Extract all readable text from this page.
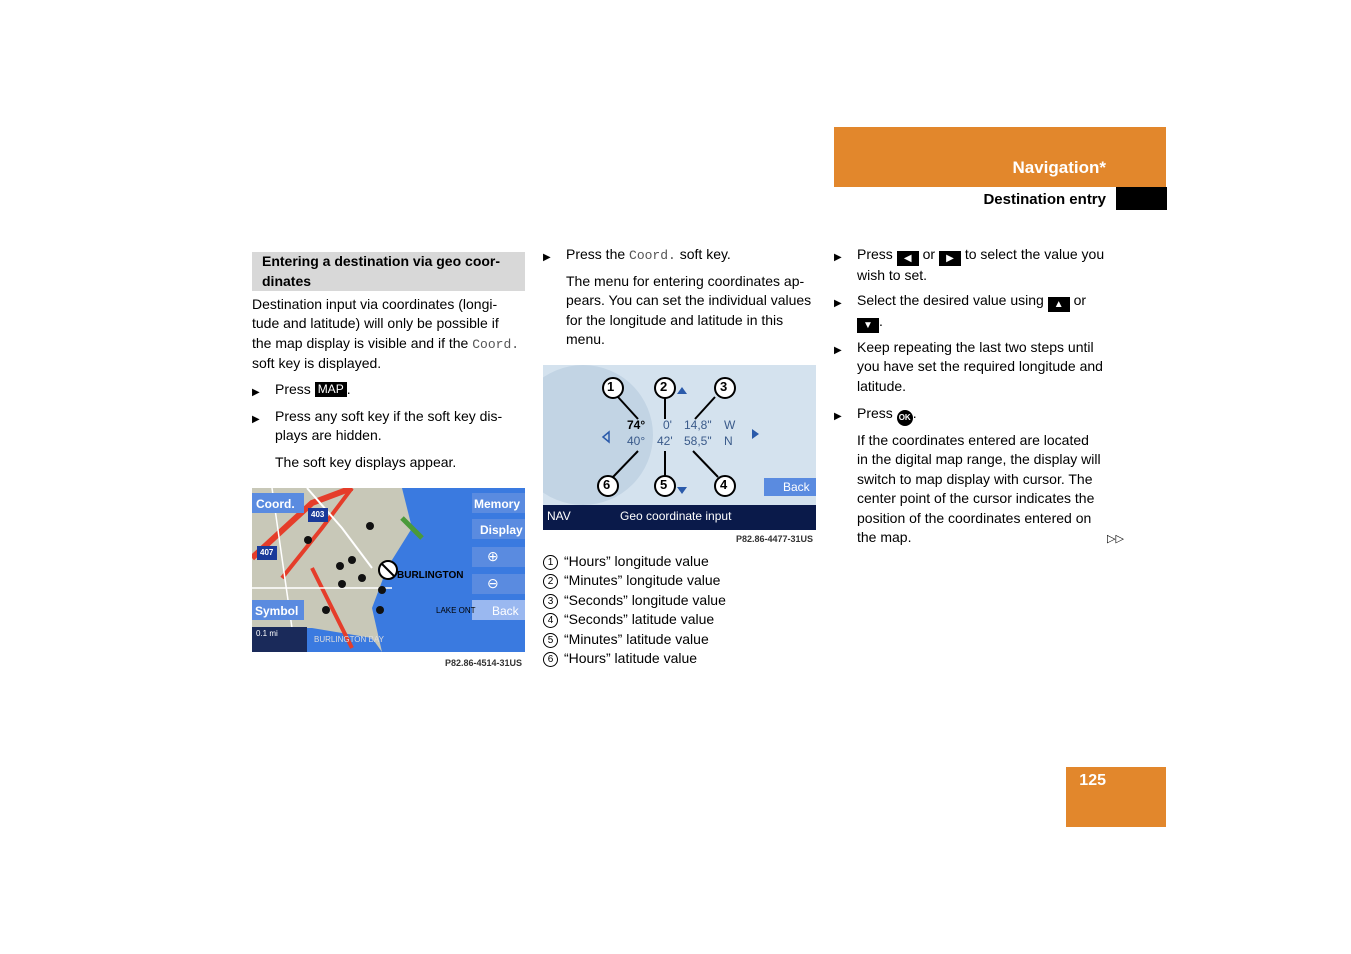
Navigation*
Destination entry
125
Entering a destination via geo coor-dinates
Destination input via coordinates (longi-
tude and latitude) will only be possible if
the map display is visible and if the Coord.
soft key is displayed.
▶ Press MAP .
▶ Press any soft key if the soft key dis-
plays are hidden.
The soft key displays appear.
Coord.	Memory
Display
⊕
⊖
Back
Symbol
BURLINGTON
LAKE ONT
BURLINGTON BAY
0.1 mi
403
407
P82.86-4514-31US
▶ Press the Coord. soft key.
The menu for entering coordinates ap-
pears. You can set the individual values
for the longitude and latitude in this
menu.
1	2	3
4
5
6
74° 0' 14,8" W
40° 42' 58,5" N
Back
NAV	Geo coordinate input
P82.86-4477-31US
1 “Hours” longitude value
2 “Minutes” longitude value
3 “Seconds” longitude value
4 “Seconds” latitude value
5 “Minutes” latitude value
6 “Hours” latitude value
▶ Press ◀ or ▶ to select the value you
wish to set.
▶ Select the desired value using ▲ or
▼ .
▶ Keep repeating the last two steps until
you have set the required longitude and
latitude.
▶ Press OK .
If the coordinates entered are located
in the digital map range, the display will
switch to map display with cursor. The
center point of the cursor indicates the
position of the coordinates entered on
the map.	▷▷
